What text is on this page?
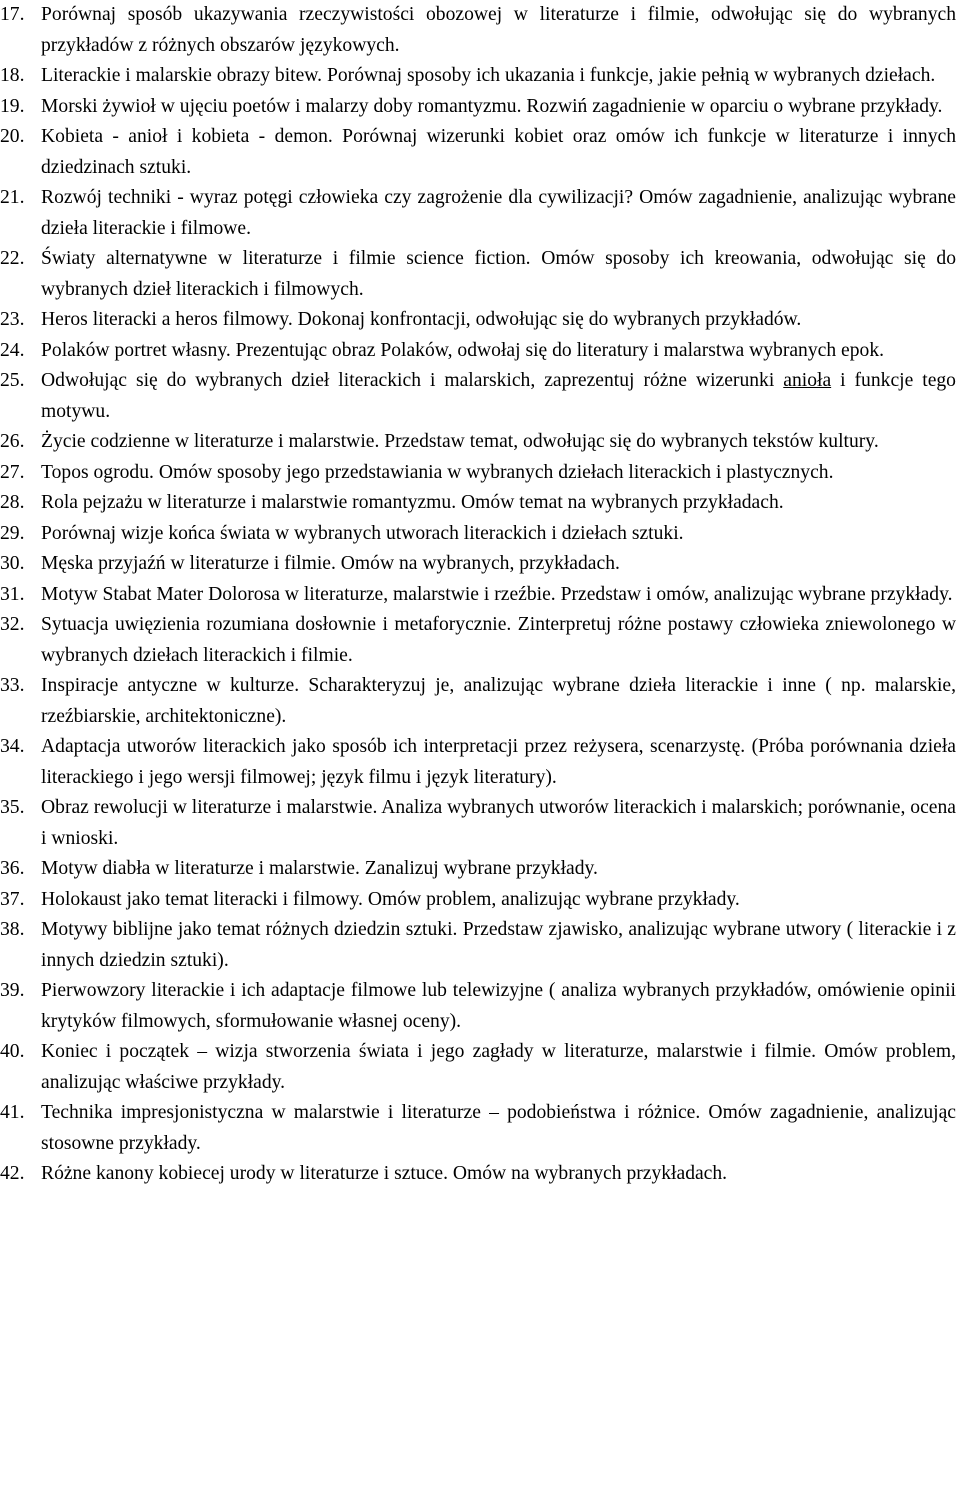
17. Porównaj sposób ukazywania rzeczywistości obozowej w literaturze i filmie, odwołując się do wybranych przykładów z różnych obszarów językowych.
18. Literackie i malarskie obrazy bitew. Porównaj sposoby ich ukazania i funkcje, jakie pełnią w wybranych dziełach.
19. Morski żywioł w ujęciu poetów i malarzy doby romantyzmu. Rozwiń zagadnienie w oparciu o wybrane przykłady.
20. Kobieta - anioł i kobieta - demon. Porównaj wizerunki kobiet oraz omów ich funkcje w literaturze i innych dziedzinach sztuki.
21. Rozwój techniki - wyraz potęgi człowieka czy zagrożenie dla cywilizacji? Omów zagadnienie, analizując wybrane dzieła literackie i filmowe.
22. Światy alternatywne w literaturze i filmie science fiction. Omów sposoby ich kreowania, odwołując się do wybranych dzieł literackich i filmowych.
23. Heros literacki a heros filmowy. Dokonaj konfrontacji, odwołując się do wybranych przykładów.
24. Polaków portret własny. Prezentując obraz Polaków, odwołaj się do literatury i malarstwa wybranych epok.
25. Odwołując się do wybranych dzieł literackich i malarskich, zaprezentuj różne wizerunki anioła i funkcje tego motywu.
26. Życie codzienne w literaturze i malarstwie. Przedstaw temat, odwołując się do wybranych tekstów kultury.
27. Topos ogrodu. Omów sposoby jego przedstawiania w wybranych dziełach literackich i plastycznych.
28. Rola pejzażu w literaturze i malarstwie romantyzmu. Omów temat na wybranych przykładach.
29. Porównaj wizje końca świata w wybranych utworach literackich i dziełach sztuki.
30. Męska przyjaźń w literaturze i filmie. Omów na wybranych, przykładach.
31. Motyw Stabat Mater Dolorosa w literaturze, malarstwie i rzeźbie. Przedstaw i omów, analizując wybrane przykłady.
32. Sytuacja uwięzienia rozumiana dosłownie i metaforycznie. Zinterpretuj różne postawy człowieka zniewolonego w wybranych dziełach literackich i filmie.
33. Inspiracje antyczne w kulturze. Scharakteryzuj je, analizując wybrane dzieła literackie i inne ( np. malarskie, rzeźbiarskie, architektoniczne).
34. Adaptacja utworów literackich jako sposób ich interpretacji przez reżysera, scenarzystę. (Próba porównania dzieła literackiego i jego wersji filmowej; język filmu i język literatury).
35. Obraz rewolucji w literaturze i malarstwie. Analiza wybranych utworów literackich i malarskich; porównanie, ocena i wnioski.
36. Motyw diabła w literaturze i malarstwie. Zanalizuj wybrane przykłady.
37. Holokaust jako temat literacki i filmowy. Omów problem, analizując wybrane przykłady.
38. Motywy biblijne jako temat różnych dziedzin sztuki. Przedstaw zjawisko, analizując wybrane utwory ( literackie i z innych dziedzin sztuki).
39. Pierwowzory literackie i ich adaptacje filmowe lub telewizyjne ( analiza wybranych przykładów, omówienie opinii krytyków filmowych, sformułowanie własnej oceny).
40. Koniec i początek – wizja stworzenia świata i jego zagłady w literaturze, malarstwie i filmie. Omów problem, analizując właściwe przykłady.
41. Technika impresjonistyczna w malarstwie i literaturze – podobieństwa i różnice. Omów zagadnienie, analizując stosowne przykłady.
42. Różne kanony kobiecej urody w literaturze i sztuce. Omów na wybranych przykładach.
